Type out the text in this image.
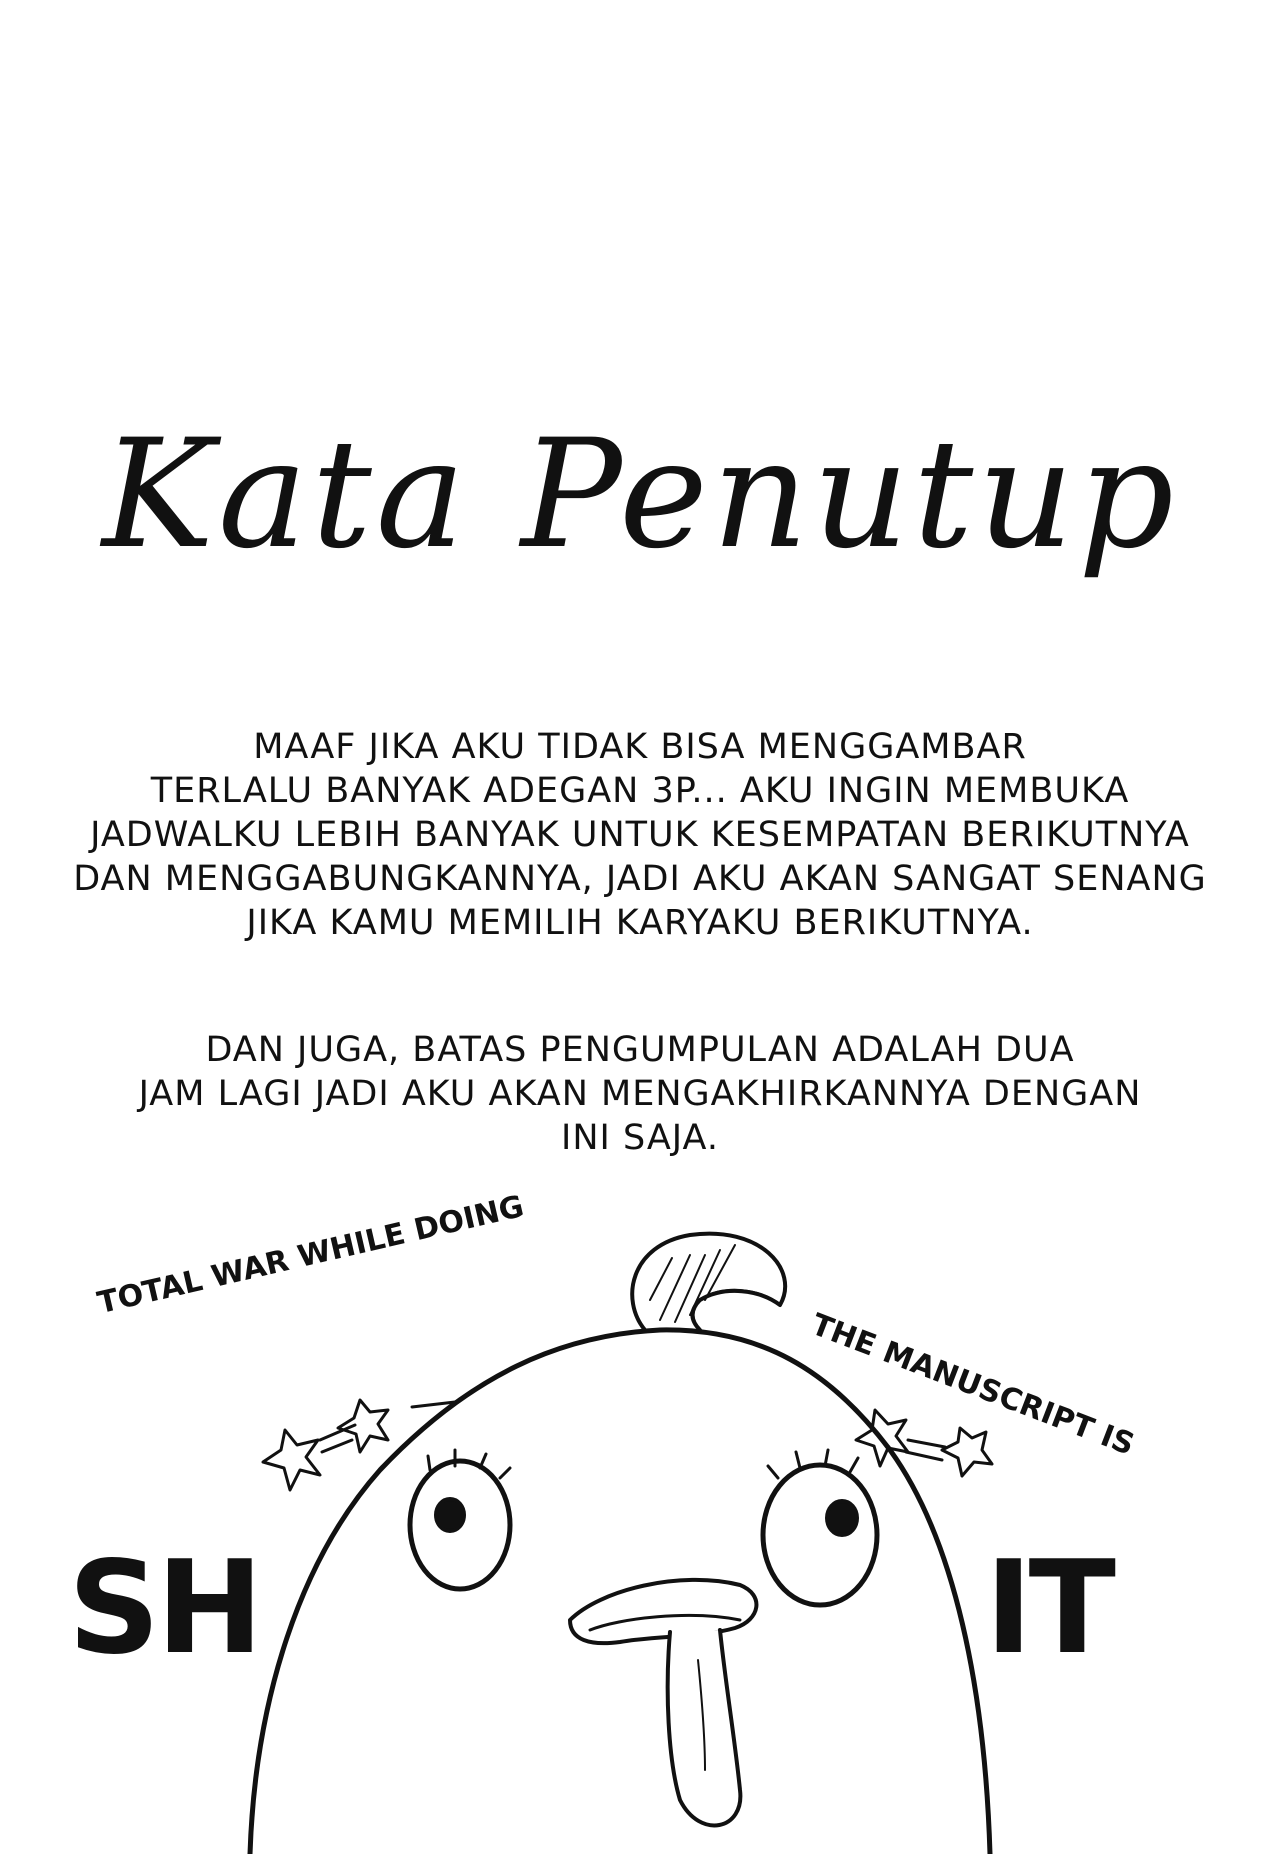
Kata Penutup
MAAF JIKA AKU TIDAK BISA MENGGAMBAR
TERLALU BANYAK ADEGAN 3P... AKU INGIN MEMBUKA
JADWALKU LEBIH BANYAK UNTUK KESEMPATAN BERIKUTNYA
DAN MENGGABUNGKANNYA, JADI AKU AKAN SANGAT SENANG
JIKA KAMU MEMILIH KARYAKU BERIKUTNYA.
DAN JUGA, BATAS PENGUMPULAN ADALAH DUA
JAM LAGI JADI AKU AKAN MENGAKHIRKANNYA DENGAN
INI SAJA.
TOTAL WAR WHILE DOING
THE MANUSCRIPT IS
SH	IT
